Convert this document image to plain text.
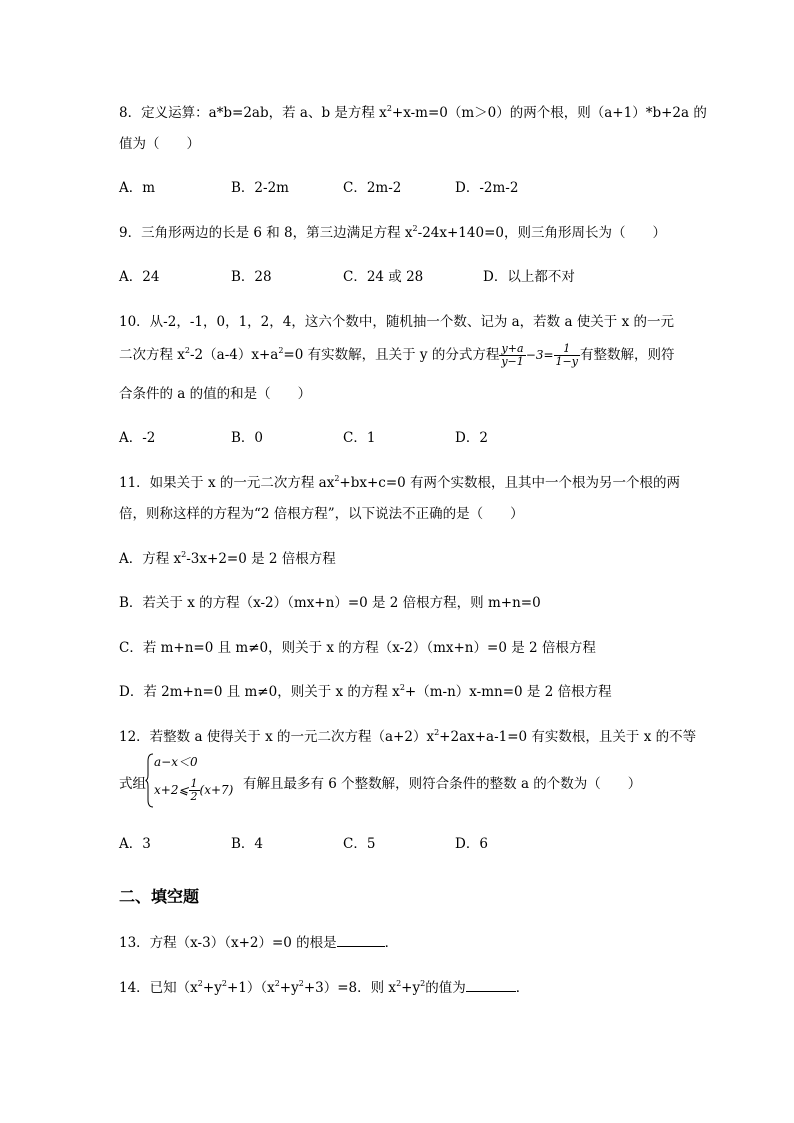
8．定义运算：a*b=2ab，若 a、b 是方程 $x^2+x-m=0(m>0)$的两个根，则（a+1）*b+2a 的
值为（　　）
A．m	B．2-2m	C．2m-2	D．-2m-2
9．三角形两边的长是 6 和 8，第三边满足方程 $x^2-24x+140=0$，则三角形周长为（　　）
A．24	B．28	C．24 或 28	D．以上都不对
10．从-2，-1，0，1，2，4，这六个数中，随机抽一个数、记为 a，若数 a 使关于 x 的一元
二次方程 $x^2-2(a-4)x+a^2=0$ 有实数解，且关于 y 的分式方程 $\frac{y+a}{y-1} -3= \frac{1}{1-y}$ 有整数解，则符
合条件的 a 的值的和是（　　）
A．-2	B．0	C．1	D．2
11．如果关于 x 的一元二次方程 $ax^2+bx+c=0$ 有两个实数根，且其中一个根为另一个根的两
倍，则称这样的方程为“2 倍根方程”，以下说法不正确的是（　　）
A．方程 $x^2-3x+2=0$ 是 2 倍根方程
B．若关于 x 的方程（x-2）（mx+n）=0 是 2 倍根方程，则 m+n=0
C．若 m+n=0 且 m≠0，则关于 x 的方程（x-2）（mx+n）=0 是 2 倍根方程
D．若 2m+n=0 且 m≠0，则关于 x 的方程 $x^2+(m-n)x-mn=0$ 是 2 倍根方程
12．若整数 a 使得关于 x 的一元二次方程$(a+2)x^2+2ax+a-1=0$ 有实数根，且关于 x 的不等
式组
a−x＜0
x+2⩽ $\frac{1}{2} (x+7)$ 有解且最多有 6 个整数解，则符合条件的整数 a 的个数为（　　）
A．3	B．4	C．5	D．6
二、填空题
13．方程（x-3）（x+2）=0 的根是	．
14．已知$(x^2+y^2+1)(x^2+y^2+3)=8$．则 $x^2+y^2$的值为	．
